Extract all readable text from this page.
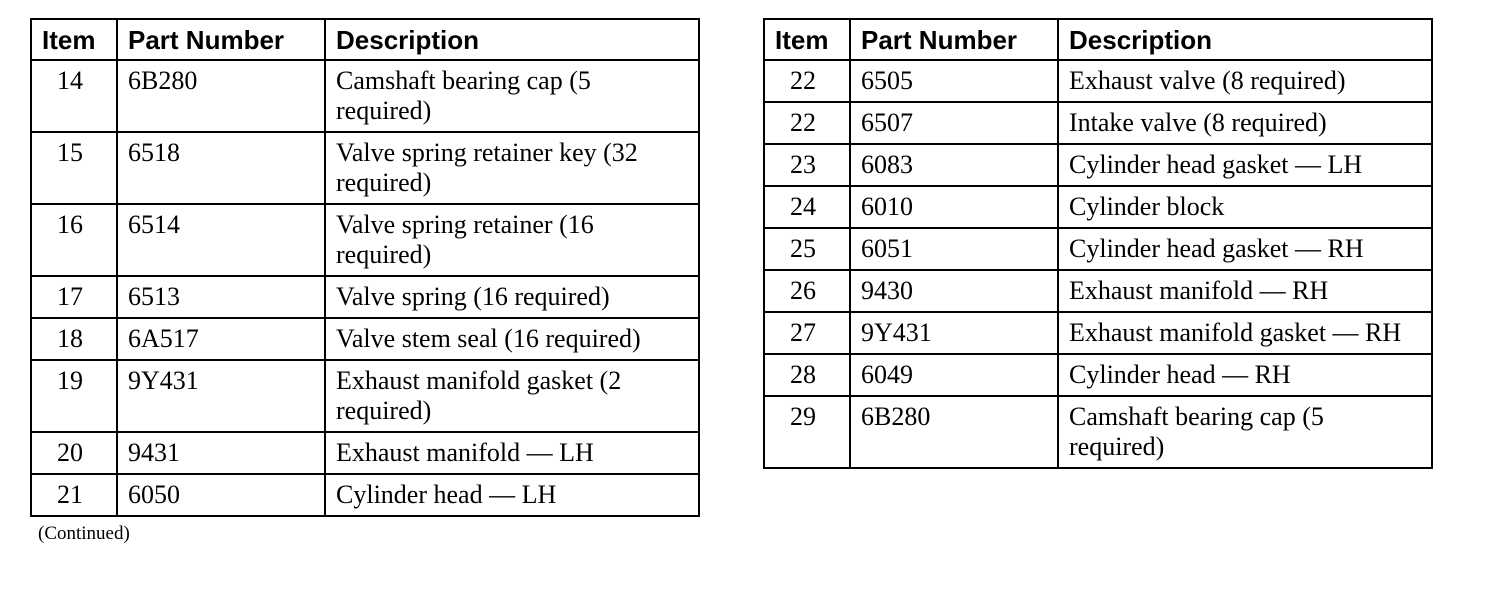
Item	Part Number	Description
14	6B280	Camshaft bearing cap (5 required)
15	6518	Valve spring retainer key (32 required)
16	6514	Valve spring retainer (16 required)
17	6513	Valve spring (16 required)
18	6A517	Valve stem seal (16 required)
19	9Y431	Exhaust manifold gasket (2 required)
20	9431	Exhaust manifold — LH
21	6050	Cylinder head — LH
Item	Part Number	Description
22	6505	Exhaust valve (8 required)
22	6507	Intake valve (8 required)
23	6083	Cylinder head gasket — LH
24	6010	Cylinder block
25	6051	Cylinder head gasket — RH
26	9430	Exhaust manifold — RH
27	9Y431	Exhaust manifold gasket — RH
28	6049	Cylinder head — RH
29	6B280	Camshaft bearing cap (5 required)
(Continued)
